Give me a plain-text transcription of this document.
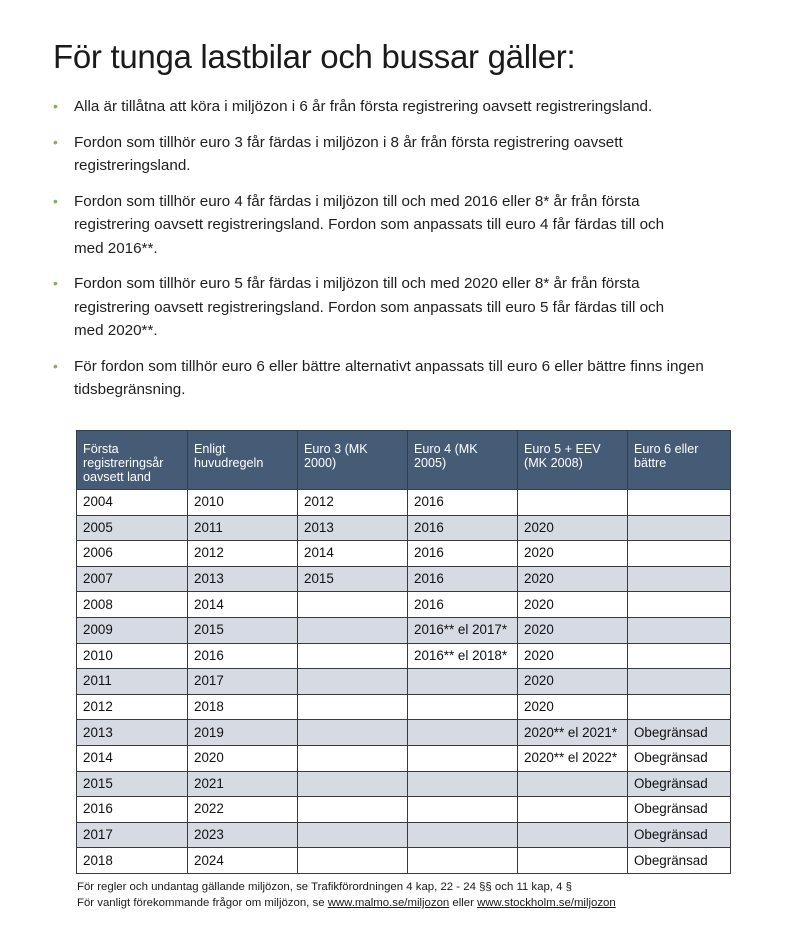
För tunga lastbilar och bussar gäller:
• Alla är tillåtna att köra i miljözon i 6 år från första registrering oavsett registreringsland.
• Fordon som tillhör euro 3 får färdas i miljözon i 8 år från första registrering oavsett registreringsland.
• Fordon som tillhör euro 4 får färdas i miljözon till och med 2016 eller 8* år från första registrering oavsett registreringsland. Fordon som anpassats till euro 4 får färdas till och med 2016**.
• Fordon som tillhör euro 5 får färdas i miljözon till och med 2020 eller 8* år från första registrering oavsett registreringsland. Fordon som anpassats till euro 5 får färdas till och med 2020**.
• För fordon som tillhör euro 6 eller bättre alternativt anpassats till euro 6 eller bättre finns ingen tidsbegränsning.
Första registreringsår oavsett land	Enligt huvudregeln	Euro 3 (MK 2000)	Euro 4 (MK 2005)	Euro 5 + EEV (MK 2008)	Euro 6 eller bättre
2004	2010	2012	2016		
2005	2011	2013	2016	2020	
2006	2012	2014	2016	2020	
2007	2013	2015	2016	2020	
2008	2014		2016	2020	
2009	2015		2016** el 2017*	2020	
2010	2016		2016** el 2018*	2020	
2011	2017			2020	
2012	2018			2020	
2013	2019			2020** el 2021*	Obegränsad
2014	2020			2020** el 2022*	Obegränsad
2015	2021				Obegränsad
2016	2022				Obegränsad
2017	2023				Obegränsad
2018	2024				Obegränsad
För regler och undantag gällande miljözon, se Trafikförordningen 4 kap, 22 - 24 §§ och 11 kap, 4 §
För vanligt förekommande frågor om miljözon, se www.malmo.se/miljozon eller www.stockholm.se/miljozon
